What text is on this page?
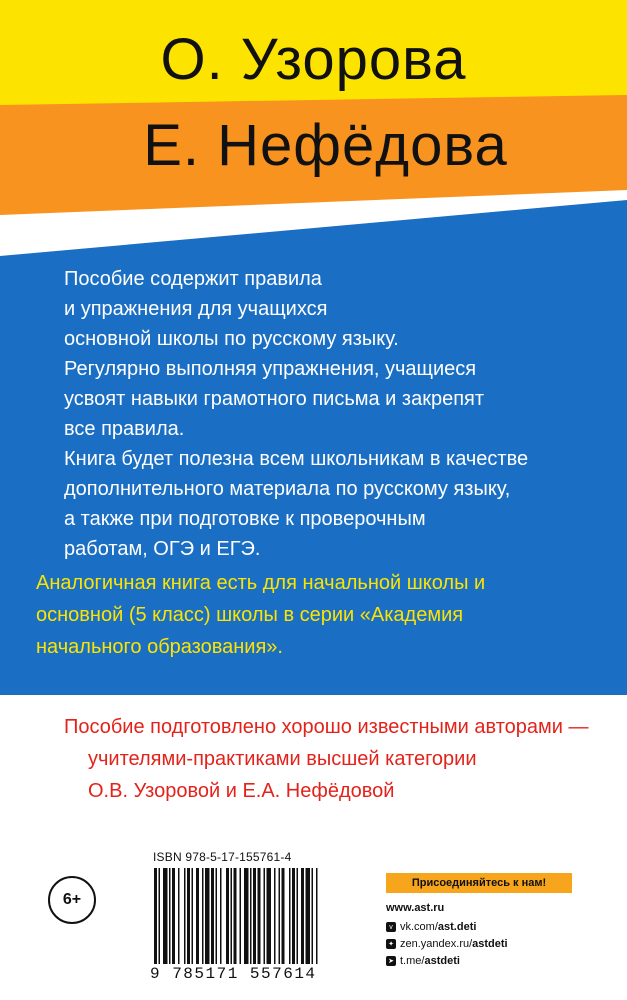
О. Узорова
Е. Нефёдова
Пособие содержит правила
и упражнения для учащихся
основной школы по русскому языку.
Регулярно выполняя упражнения, учащиеся
усвоят навыки грамотного письма и закрепят
все правила.
Книга будет полезна всем школьникам в качестве
дополнительного материала по русскому языку,
а также при подготовке к проверочным
работам, ОГЭ и ЕГЭ.
Аналогичная книга есть для начальной школы и
основной (5 класс) школы в серии «Академия
начального образования».
Пособие подготовлено хорошо известными авторами —
учителями-практиками высшей категории
О.В. Узоровой и Е.А. Нефёдовой
6+
ISBN 978-5-17-155761-4
9 785171 557614
Присоединяйтесь к нам!
www.ast.ru
v vk.com/ ast.deti
✦ zen.yandex.ru/ astdeti
➤ t.me/ astdeti
